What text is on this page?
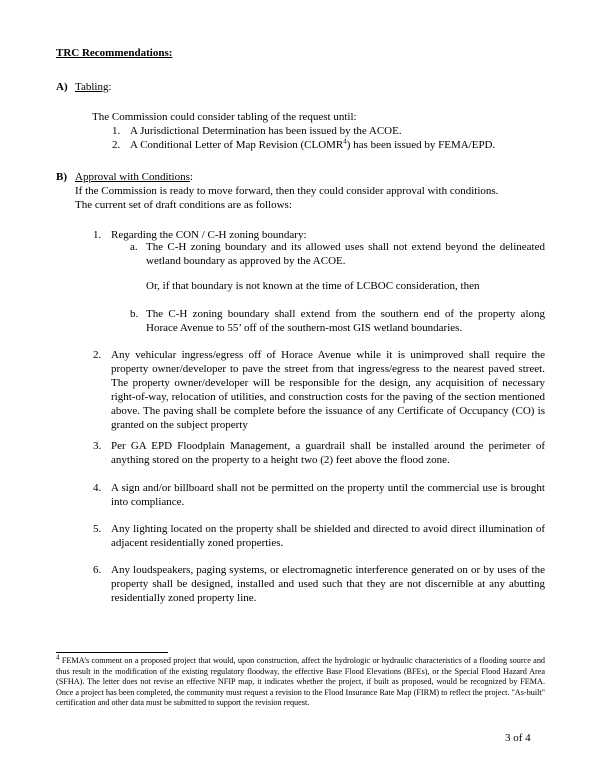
TRC Recommendations:
A) Tabling:
The Commission could consider tabling of the request until:
1. A Jurisdictional Determination has been issued by the ACOE.
2. A Conditional Letter of Map Revision (CLOMR$^4$) has been issued by FEMA/EPD.
B) Approval with Conditions:
If the Commission is ready to move forward, then they could consider approval with conditions.
The current set of draft conditions are as follows:
1. Regarding the CON / C-H zoning boundary:
a. The C-H zoning boundary and its allowed uses shall not extend beyond the delineated wetland boundary as approved by the ACOE.
Or, if that boundary is not known at the time of LCBOC consideration, then
b. The C-H zoning boundary shall extend from the southern end of the property along Horace Avenue to 55’ off of the southern-most GIS wetland boundaries.
2. Any vehicular ingress/egress off of Horace Avenue while it is unimproved shall require the property owner/developer to pave the street from that ingress/egress to the nearest paved street. The property owner/developer will be responsible for the design, any acquisition of necessary right-of-way, relocation of utilities, and construction costs for the paving of the section mentioned above. The paving shall be complete before the issuance of any Certificate of Occupancy (CO) is granted on the subject property
3. Per GA EPD Floodplain Management, a guardrail shall be installed around the perimeter of anything stored on the property to a height two (2) feet above the flood zone.
4. A sign and/or billboard shall not be permitted on the property until the commercial use is brought into compliance.
5. Any lighting located on the property shall be shielded and directed to avoid direct illumination of adjacent residentially zoned properties.
6. Any loudspeakers, paging systems, or electromagnetic interference generated on or by uses of the property shall be designed, installed and used such that they are not discernible at any abutting residentially zoned property line.
$^4$ FEMA’s comment on a proposed project that would, upon construction, affect the hydrologic or hydraulic characteristics of a flooding source and thus result in the modification of the existing regulatory floodway, the effective Base Flood Elevations (BFEs), or the Special Flood Hazard Area (SFHA). The letter does not revise an effective NFIP map, it indicates whether the project, if built as proposed, would be recognized by FEMA. Once a project has been completed, the community must request a revision to the Flood Insurance Rate Map (FIRM) to reflect the project. "As-built" certification and other data must be submitted to support the revision request.
3 of 4
